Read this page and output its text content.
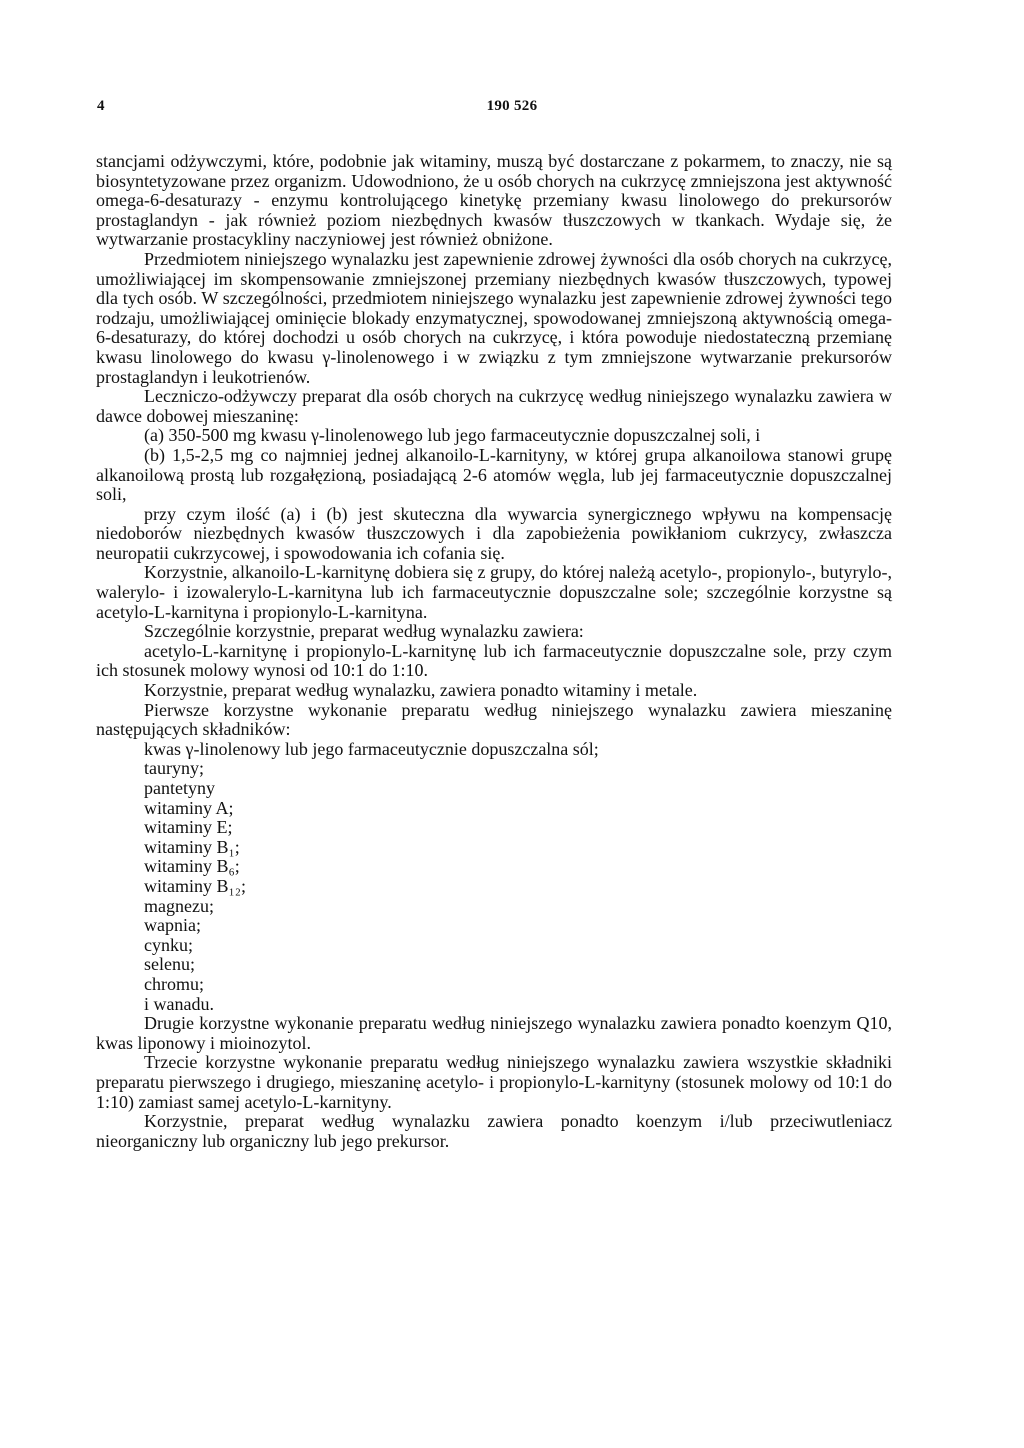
4	190 526

stancjami odżywczymi, które, podobnie jak witaminy, muszą być dostarczane z pokarmem, to znaczy, nie są biosyntetyzowane przez organizm. Udowodniono, że u osób chorych na cukrzycę zmniejszona jest aktywność omega-6-desaturazy - enzymu kontrolującego kinetykę przemiany kwasu linolowego do prekursorów prostaglandyn - jak również poziom niezbędnych kwasów tłuszczowych w tkankach. Wydaje się, że wytwarzanie prostacykliny naczyniowej jest również obniżone.

Przedmiotem niniejszego wynalazku jest zapewnienie zdrowej żywności dla osób chorych na cukrzycę, umożliwiającej im skompensowanie zmniejszonej przemiany niezbędnych kwasów tłuszczowych, typowej dla tych osób. W szczególności, przedmiotem niniejszego wynalazku jest zapewnienie zdrowej żywności tego rodzaju, umożliwiającej ominięcie blokady enzymatycznej, spowodowanej zmniejszoną aktywnością omega-6-desaturazy, do której dochodzi u osób chorych na cukrzycę, i która powoduje niedostateczną przemianę kwasu linolowego do kwasu γ-linolenowego i w związku z tym zmniejszone wytwarzanie prekursorów prostaglandyn i leukotrienów.

Leczniczo-odżywczy preparat dla osób chorych na cukrzycę według niniejszego wynalazku zawiera w dawce dobowej mieszaninę:

(a) 350-500 mg kwasu γ-linolenowego lub jego farmaceutycznie dopuszczalnej soli, i

(b) 1,5-2,5 mg co najmniej jednej alkanoilo-L-karnityny, w której grupa alkanoilowa stanowi grupę alkanoilową prostą lub rozgałęzioną, posiadającą 2-6 atomów węgla, lub jej farmaceutycznie dopuszczalnej soli,

przy czym ilość (a) i (b) jest skuteczna dla wywarcia synergicznego wpływu na kompensację niedoborów niezbędnych kwasów tłuszczowych i dla zapobieżenia powikłaniom cukrzycy, zwłaszcza neuropatii cukrzycowej, i spowodowania ich cofania się.

Korzystnie, alkanoilo-L-karnitynę dobiera się z grupy, do której należą acetylo-, propionylo-, butyrylo-, walerylo- i izowalerylo-L-karnityna lub ich farmaceutycznie dopuszczalne sole; szczególnie korzystne są acetylo-L-karnityna i propionylo-L-karnityna.

Szczególnie korzystnie, preparat według wynalazku zawiera:

acetylo-L-karnitynę i propionylo-L-karnitynę lub ich farmaceutycznie dopuszczalne sole, przy czym ich stosunek molowy wynosi od 10:1 do 1:10.

Korzystnie, preparat według wynalazku, zawiera ponadto witaminy i metale.

Pierwsze korzystne wykonanie preparatu według niniejszego wynalazku zawiera mieszaninę następujących składników:

kwas γ-linolenowy lub jego farmaceutycznie dopuszczalna sól;
tauryny;
pantetyny
witaminy A;
witaminy E;
witaminy B₁;
witaminy B₆;
witaminy B₁₂;
magnezu;
wapnia;
cynku;
selenu;
chromu;
i wanadu.

Drugie korzystne wykonanie preparatu według niniejszego wynalazku zawiera ponadto koenzym Q10, kwas liponowy i mioinozytol.

Trzecie korzystne wykonanie preparatu według niniejszego wynalazku zawiera wszystkie składniki preparatu pierwszego i drugiego, mieszaninę acetylo- i propionylo-L-karnityny (stosunek molowy od 10:1 do 1:10) zamiast samej acetylo-L-karnityny.

Korzystnie, preparat według wynalazku zawiera ponadto koenzym i/lub przeciwutleniacz nieorganiczny lub organiczny lub jego prekursor.
